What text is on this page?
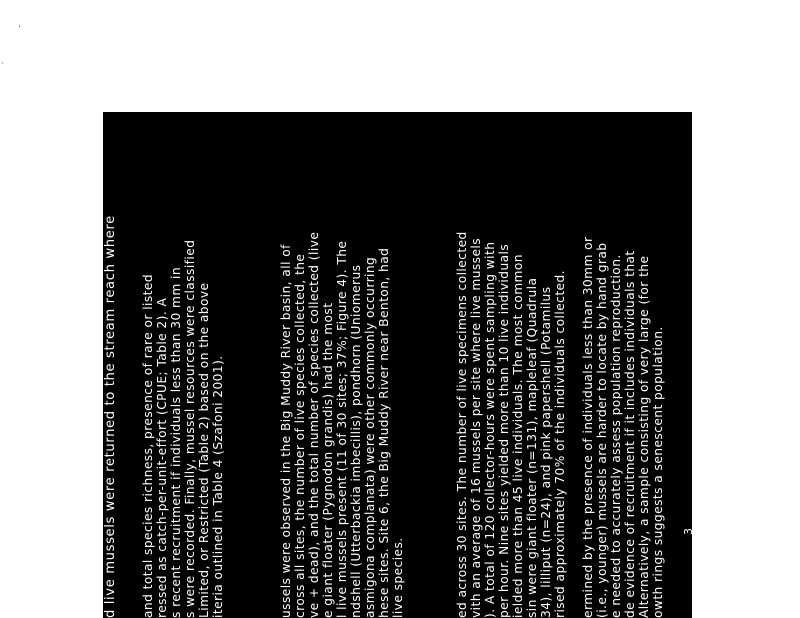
’
·
d live mussels were returned to the stream reach where and total species richness, presence of rare or listed ressed as catch-per-unit-effort (CPUE; Table 2). A s recent recruitment if individuals less than 30 mm in s were recorded. Finally, mussel resources were classified Limited, or Restricted (Table 2) based on the above iteria outlined in Table 4 (Szafoni 2001).	ussels were observed in the Big Muddy River basin, all of cross all sites, the number of live species collected, the ve + dead), and the total number of species collected (live e giant floater (Pygnodon grandis) had the most l live mussels present (11 of 30 sites; 37%; Figure 4). The ndshell (Utterbackia imbecillis), pondhorn (Uniomerus asmigona complanata) were other commonly occurring hese sites. Site 6, the Big Muddy River near Benton, had live species.	ed across 30 sites. The number of live specimens collected vith an average of 16 mussels per site where live mussels ). A total of 120 collector-hours were spent sampling with per hour. Nine sites yielded more than 10 live individuals ielded more than 45 live individuals. The most common sin were giant floater (n=131), mapleleaf (Quadrula 34), lilliput (n=24), and pink papershell (Potamilus rised approximately 70% of the individuals collected. ermined by the presence of individuals less than 30mm or (i.e., younger) mussels are harder to locate by hand grab e needed to accurately assess population reproduction. de evidence of recruitment if it includes individuals that Alternatively, a sample consisting of very large (for the owth rings suggests a senescent population. 3
